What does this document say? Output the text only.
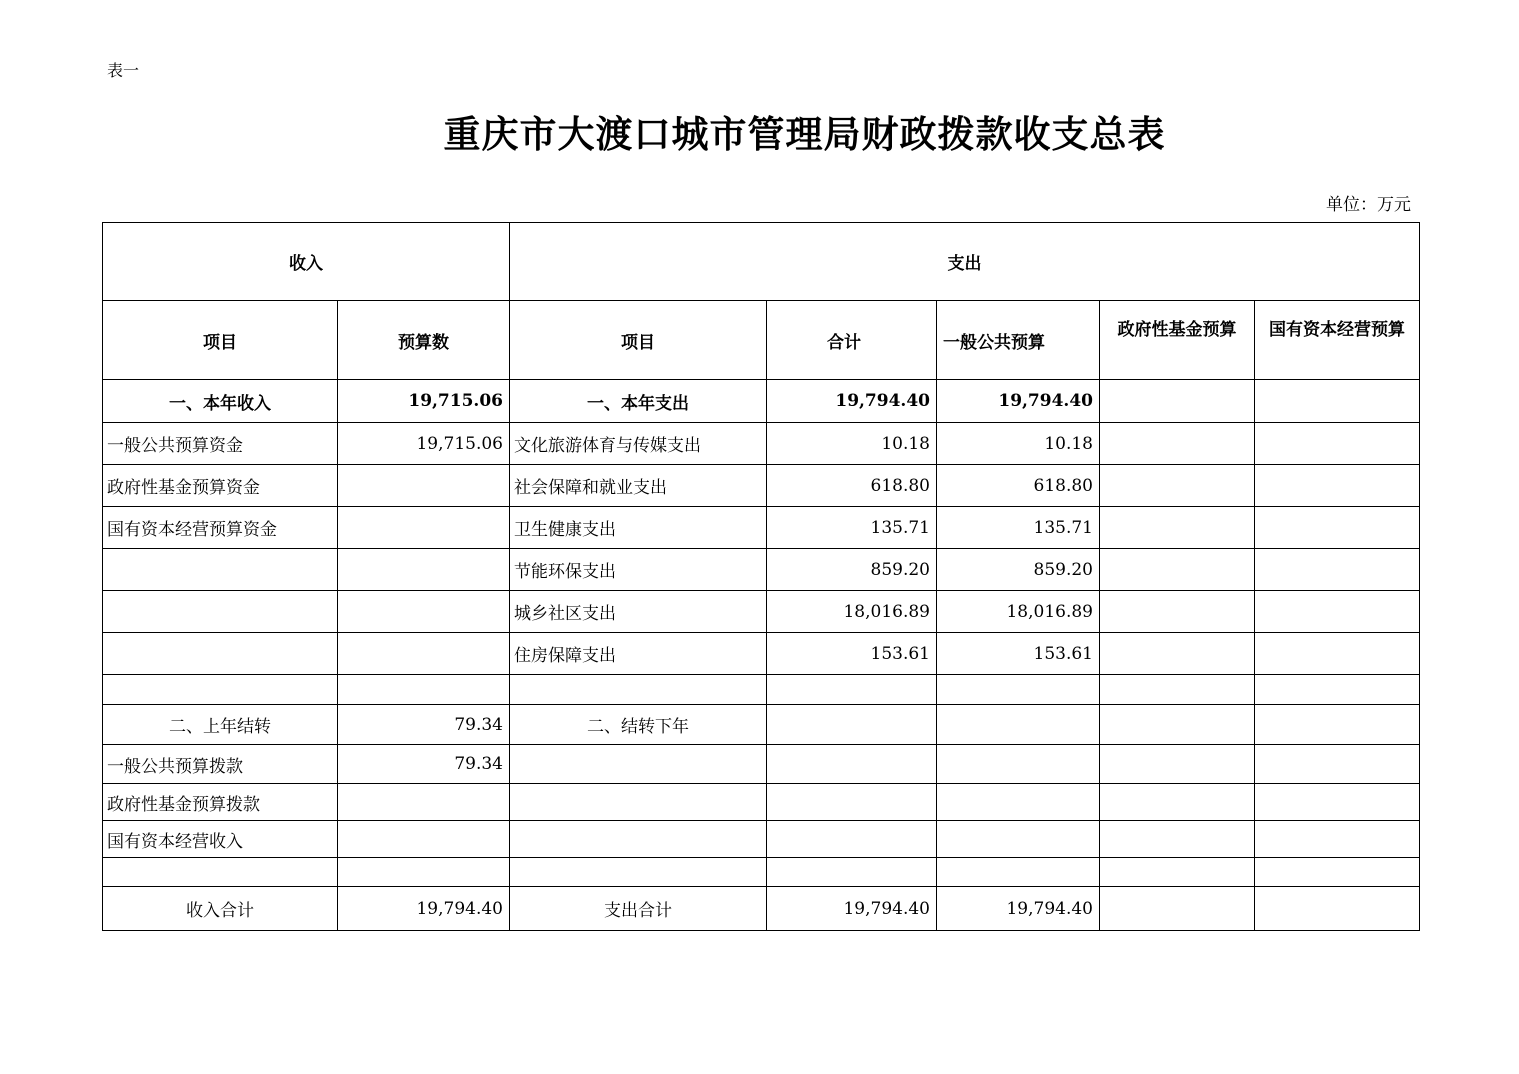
表一
重庆市大渡口城市管理局财政拨款收支总表
单位：万元
收入		支出				
项目	预算数	项目	合计	一般公共预算	政府性基金预算	国有资本经营预算
一、本年收入	19,715.06	一、本年支出	19,794.40	19,794.40		
一般公共预算资金	19,715.06	文化旅游体育与传媒支出	10.18	10.18		
政府性基金预算资金		社会保障和就业支出	618.80	618.80		
国有资本经营预算资金		卫生健康支出	135.71	135.71		
		节能环保支出	859.20	859.20		
		城乡社区支出	18,016.89	18,016.89		
		住房保障支出	153.61	153.61		

二、上年结转	79.34	二、结转下年				
一般公共预算拨款	79.34					
政府性基金预算拨款						
国有资本经营收入						

收入合计	19,794.40	支出合计	19,794.40	19,794.40		
